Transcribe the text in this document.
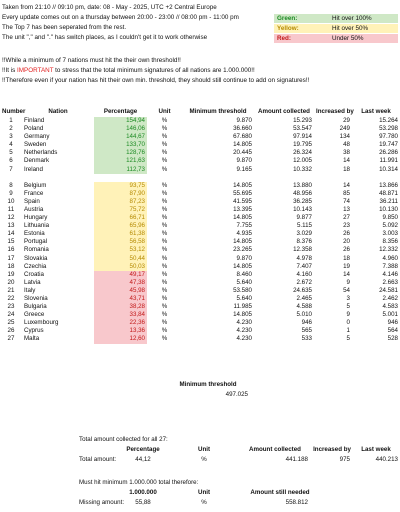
Taken from 21:10 // 09:10 pm, date: 08 - May - 2025, UTC +2 Central Europe
Every update comes out on a thursday between 20:00 - 23:00 // 08:00 pm - 11:00 pm
The Top 7 has been seperated from the rest.
The unit "," and "." has switch places, as I couldn't get it to work otherwise
Green:	Hit over 100%
Yellow:	Hit over 50%
Red:	Under 50%
!!While a minimum of 7 nations must hit the their own threshold!!
!!It is IMPORTANT to stress that the total minimum signatures of all nations are 1.000.000!!
!!Therefore even if your nation has hit their own min. threshold, they should still continue to add on signatures!!
Number	Nation	Percentage	Unit	Minimum threshold	Amount collected	Increased by	Last week
1	Finland	154,94	%	9.870	15.293	29	15.264
2	Poland	146,06	%	36.660	53.547	249	53.298
3	Germany	144,67	%	67.680	97.914	134	97.780
4	Sweden	133,70	%	14.805	19.795	48	19.747
5	Netherlands	128,76	%	20.445	26.324	38	26.286
6	Denmark	121,63	%	9.870	12.005	14	11.991
7	Ireland	112,73	%	9.165	10.332	18	10.314

8	Belgium	93,75	%	14.805	13.880	14	13.866
9	France	87,90	%	55.695	48.956	85	48.871
10	Spain	87,23	%	41.595	36.285	74	36.211
11	Austria	75,72	%	13.395	10.143	13	10.130
12	Hungary	66,71	%	14.805	9.877	27	9.850
13	Lithuania	65,96	%	7.755	5.115	23	5.092
14	Estonia	61,38	%	4.935	3.029	26	3.003
15	Portugal	56,58	%	14.805	8.376	20	8.356
16	Romania	53,12	%	23.265	12.358	26	12.332
17	Slovakia	50,44	%	9.870	4.978	18	4.960
18	Czechia	50,03	%	14.805	7.407	19	7.388
19	Croatia	49,17	%	8.460	4.160	14	4.146
20	Latvia	47,38	%	5.640	2.672	9	2.663
21	Italy	45,98	%	53.580	24.635	54	24.581
22	Slovenia	43,71	%	5.640	2.465	3	2.462
23	Bulgaria	38,28	%	11.985	4.588	5	4.583
24	Greece	33,84	%	14.805	5.010	9	5.001
25	Luxembourg	22,36	%	4.230	946	0	946
26	Cyprus	13,36	%	4.230	565	1	564
27	Malta	12,60	%	4.230	533	5	528
Minimum threshold
497.025
Total amount collected for all 27:
Percentage	Unit	Amount collected	Increased by	Last week
Total amount:	44,12	%	441.188	975	440.213
Must hit minimum 1.000.000 total therefore:
1.000.000	Unit	Amount still needed
Missing amount:	55,88	%	558.812
